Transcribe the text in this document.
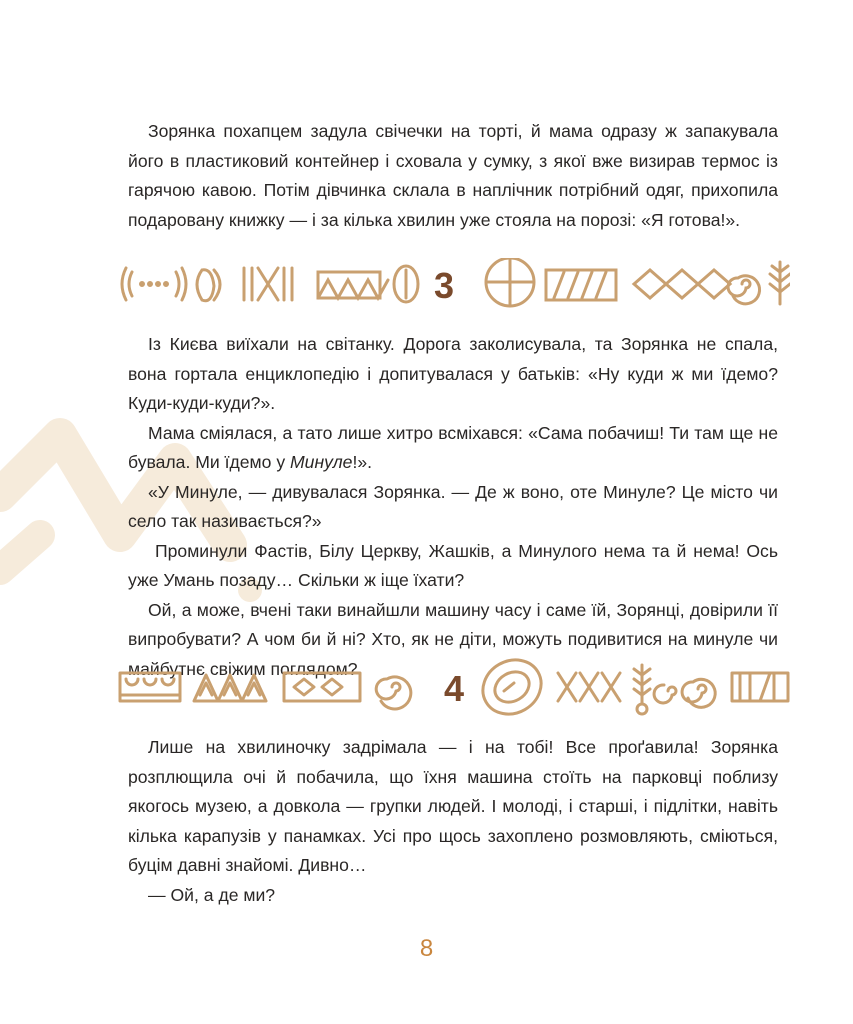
Зорянка похапцем задула свічечки на торті, й мама одразу ж запакувала його в пластиковий контейнер і сховала у сумку, з якої вже визирав термос із гарячою кавою. Потім дівчинка склала в наплічник потрібний одяг, прихопила подаровану книжку — і за кілька хвилин уже стояла на порозі: «Я готова!».

3

Із Києва виїхали на світанку. Дорога заколисувала, та Зорянка не спала, вона гортала енциклопедію і допитувалася у батьків: «Ну куди ж ми їдемо? Куди-куди-куди?».

Мама сміялася, а тато лише хитро всміхався: «Сама побачиш! Ти там ще не бувала. Ми їдемо у Минуле!».

«У Минуле, — дивувалася Зорянка. — Де ж воно, оте Минуле? Це місто чи село так називається?»

Проминули Фастів, Білу Церкву, Жашків, а Минулого нема та й нема! Ось уже Умань позаду… Скільки ж іще їхати?

Ой, а може, вчені таки винайшли машину часу і саме їй, Зорянці, довірили її випробувати? А чом би й ні? Хто, як не діти, можуть подивитися на минуле чи майбутнє свіжим поглядом?	4

Лише на хвилиночку задрімала — і на тобі! Все проґавила! Зорянка розплющила очі й побачила, що їхня машина стоїть на парковці поблизу якогось музею, а довкола — групки людей. І молоді, і старші, і підлітки, навіть кілька карапузів у панамках. Усі про щось захоплено розмовляють, сміються, буцім давні знайомі. Дивно…

— Ой, а де ми?

8
